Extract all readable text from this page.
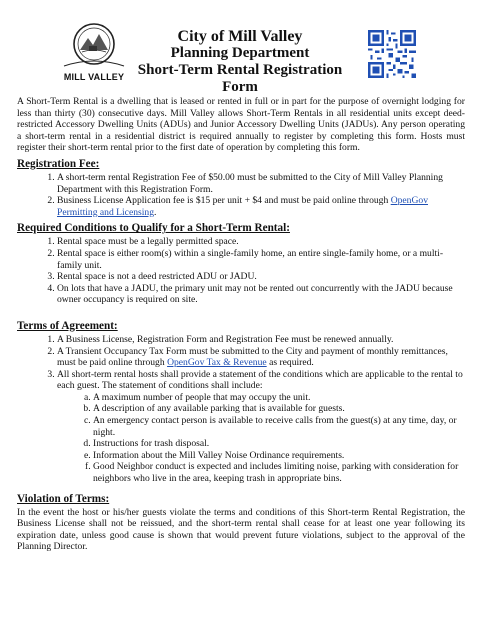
MILL VALLEY
City of Mill Valley
Planning Department
Short-Term Rental Registration Form

A Short-Term Rental is a dwelling that is leased or rented in full or in part for the purpose of overnight lodging for less than thirty (30) consecutive days. Mill Valley allows Short-Term Rentals in all residential units except deed-restricted Accessory Dwelling Units (ADUs) and Junior Accessory Dwelling Units (JADUs). Any person operating a short-term rental in a residential district is required annually to register by completing this form. Hosts must register their short-term rental prior to the first date of operation by completing this form.

Registration Fee:
1. A short-term rental Registration Fee of $50.00 must be submitted to the City of Mill Valley Planning Department with this Registration Form.
2. Business License Application fee is $15 per unit + $4 and must be paid online through OpenGov Permitting and Licensing.
Required Conditions to Qualify for a Short-Term Rental:
1. Rental space must be a legally permitted space.
2. Rental space is either room(s) within a single-family home, an entire single-family home, or a multi-family unit.
3. Rental space is not a deed restricted ADU or JADU.
4. On lots that have a JADU, the primary unit may not be rented out concurrently with the JADU because owner occupancy is required on site.
Terms of Agreement:
1. A Business License, Registration Form and Registration Fee must be renewed annually.
2. A Transient Occupancy Tax Form must be submitted to the City and payment of monthly remittances, must be paid online through OpenGov Tax & Revenue as required.
3. All short-term rental hosts shall provide a statement of the conditions which are applicable to the rental to each guest. The statement of conditions shall include:
a. A maximum number of people that may occupy the unit.
b. A description of any available parking that is available for guests.
c. An emergency contact person is available to receive calls from the guest(s) at any time, day, or night.
d. Instructions for trash disposal.
e. Information about the Mill Valley Noise Ordinance requirements.
f. Good Neighbor conduct is expected and includes limiting noise, parking with consideration for neighbors who live in the area, keeping trash in appropriate bins.
Violation of Terms:

In the event the host or his/her guests violate the terms and conditions of this Short-term Rental Registration, the Business License shall not be reissued, and the short-term rental shall cease for at least one year following its expiration date, unless good cause is shown that would prevent future violations, subject to the approval of the Planning Director.
